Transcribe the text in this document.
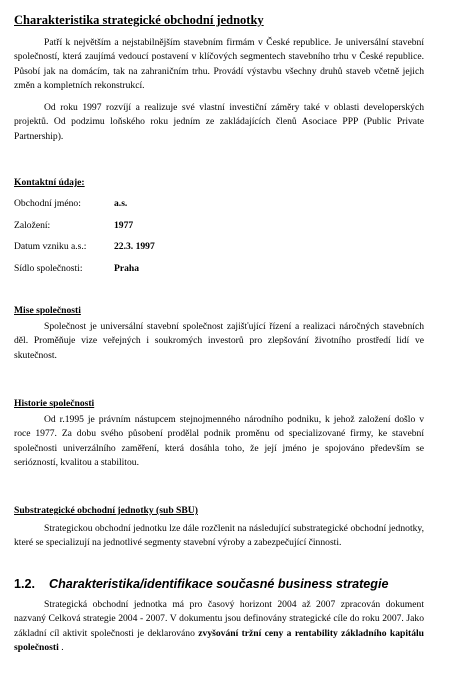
Charakteristika strategické obchodní jednotky

Patří k největším a nejstabilnějším stavebním firmám v České republice. Je universální stavební společností, která zaujímá vedoucí postavení v klíčových segmentech stavebního trhu v České republice. Působí jak na domácím, tak na zahraničním trhu. Provádí výstavbu všechny druhů staveb včetně jejich změn a kompletních rekonstrukcí.

Od roku 1997 rozvíjí a realizuje své vlastní investiční záměry také v oblasti developerských projektů. Od podzimu loňského roku jedním ze zakládajících členů Asociace PPP (Public Private Partnership).

Kontaktní údaje:

Obchodní jméno:	a.s.
Založení:	1977
Datum vzniku a.s.:	22.3. 1997
Sídlo společnosti:	Praha

Mise společnosti

Společnost je universální stavební společnost zajišťující řízení a realizaci náročných stavebních děl. Proměňuje vize veřejných i soukromých investorů pro zlepšování životního prostředí lidí ve skutečnost.

Historie společnosti

Od r.1995 je právním nástupcem stejnojmenného národního podniku, k jehož založení došlo v roce 1977. Za dobu svého působení prodělal podnik proměnu od specializované firmy, ke stavební společnosti univerzálního zaměření, která dosáhla toho, že její jméno je spojováno především se seriózností, kvalitou a stabilitou.

Substrategické obchodní jednotky (sub SBU)

Strategickou obchodní jednotku lze dále rozčlenit na následující substrategické obchodní jednotky, které se specializují na jednotlivé segmenty stavební výroby a zabezpečující činnosti.

1.2. Charakteristika/identifikace současné business strategie

Strategická obchodní jednotka má pro časový horizont 2004 až 2007 zpracován dokument nazvaný Celková strategie 2004 - 2007. V dokumentu jsou definovány strategické cíle do roku 2007. Jako základní cíl aktivit společnosti je deklarováno zvyšování tržní ceny a rentability základního kapitálu společnosti .
